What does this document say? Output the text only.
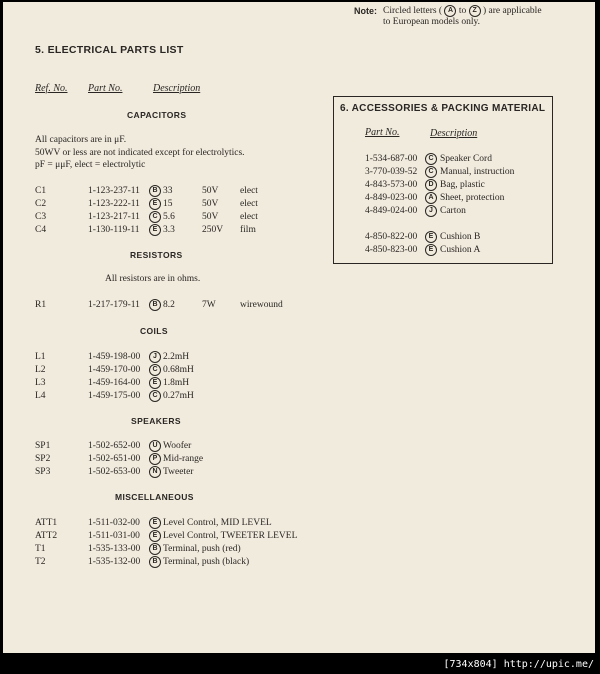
Note: Circled letters ( A to Z ) are applicable
to European models only.
5. ELECTRICAL PARTS LIST
Ref. No. Part No.	Description
CAPACITORS
All capacitors are in μF.
50WV or less are not indicated except for electrolytics.
pF = μμF, elect = electrolytic
C1	1-123-237-11	B 33	50V elect
C2	1-123-222-11	E 15	50V elect
C3	1-123-217-11	C 5.6	50V elect
C4	1-130-119-11	E 3.3	250V film
RESISTORS
All resistors are in ohms.
R1	1-217-179-11	B 8.2	7W	wirewound
COILS
L1	1-459-198-00	J 2.2mH
L2	1-459-170-00	C 0.68mH
L3	1-459-164-00	E 1.8mH
L4	1-459-175-00	C 0.27mH
SPEAKERS
SP1	1-502-652-00	U Woofer
SP2	1-502-651-00	P Mid-range
SP3	1-502-653-00	N Tweeter
MISCELLANEOUS
ATT1	1-511-032-00	E Level Control, MID LEVEL
ATT2	1-511-031-00	E Level Control, TWEETER LEVEL
T1	1-535-133-00	B Terminal, push (red)
T2	1-535-132-00	B Terminal, push (black)
6. ACCESSORIES & PACKING MATERIAL
Part No.	Description
1-534-687-00	C Speaker Cord
3-770-039-52	C Manual, instruction
4-843-573-00	D Bag, plastic
4-849-023-00	A Sheet, protection
4-849-024-00	J Carton
4-850-822-00	E Cushion B
4-850-823-00	E Cushion A
[734x804] http://upic.me/
